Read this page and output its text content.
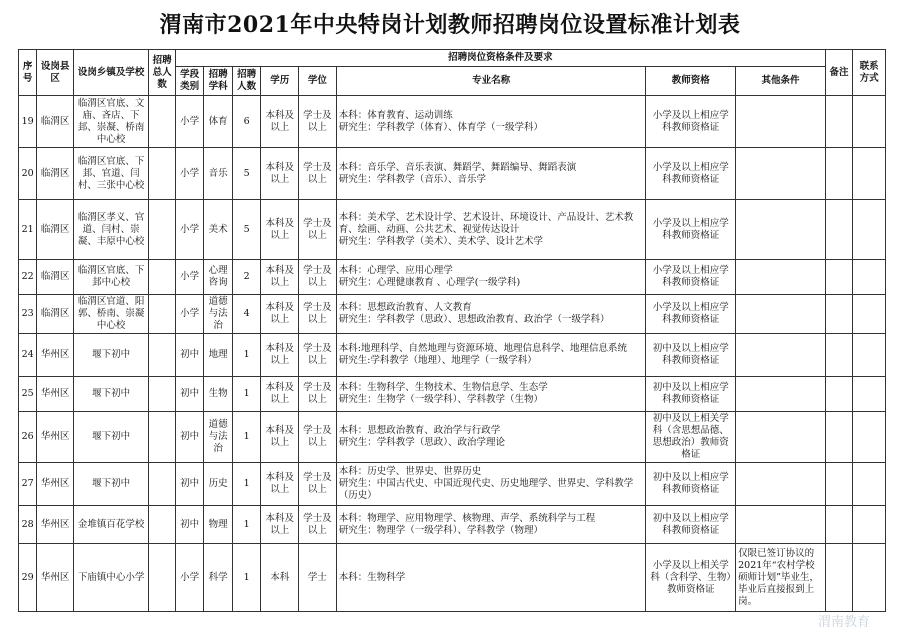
渭南市2021年中央特岗计划教师招聘岗位设置标准计划表
序号	设岗县区	设岗乡镇及学校	招聘总人数	招聘岗位资格条件及要求								备注	联系方式
				学段类别	招聘学科	招聘人数	学历	学位	专业名称	教师资格	其他条件		
19	临渭区	临渭区官底、文庙、吝店、下邽、崇凝、桥南中心校		小学	体育	6	本科及以上	学士及以上	本科：体育教育、运动训练
研究生：学科教学（体育）、体育学（一级学科）	小学及以上相应学科教师资格证			
20	临渭区	临渭区官底、下邽、官道、闫村、三张中心校		小学	音乐	5	本科及以上	学士及以上	本科：音乐学、音乐表演、舞蹈学、舞蹈编导、舞蹈表演
研究生：学科教学（音乐）、音乐学	小学及以上相应学科教师资格证			
21	临渭区	临渭区孝义、官道、闫村、崇凝、丰原中心校		小学	美术	5	本科及以上	学士及以上	本科：美术学、艺术设计学、艺术设计、环境设计、产品设计、艺术教育、绘画、动画、公共艺术、视觉传达设计
研究生：学科教学（美术）、美术学、设计艺术学	小学及以上相应学科教师资格证			
22	临渭区	临渭区官底、下邽中心校		小学	心理咨询	2	本科及以上	学士及以上	本科：心理学、应用心理学
研究生：心理健康教育 、心理学(一级学科)	小学及以上相应学科教师资格证			
23	临渭区	临渭区官道、阳郭、桥南、崇凝中心校		小学	道德与法治	4	本科及以上	学士及以上	本科：思想政治教育、人文教育
研究生：学科教学（思政）、思想政治教育、政治学（一级学科）	小学及以上相应学科教师资格证			
24	华州区	堰下初中		初中	地理	1	本科及以上	学士及以上	本科:地理科学、自然地理与资源环境、地理信息科学、地理信息系统
研究生:学科教学（地理）、地理学（一级学科）	初中及以上相应学科教师资格证			
25	华州区	堰下初中		初中	生物	1	本科及以上	学士及以上	本科：生物科学、生物技术、生物信息学、生态学
研究生：生物学（一级学科）、学科教学（生物）	初中及以上相应学科教师资格证			
26	华州区	堰下初中		初中	道德与法治	1	本科及以上	学士及以上	本科：思想政治教育、政治学与行政学
研究生：学科教学（思政）、政治学理论	初中及以上相关学科（含思想品德、思想政治）教师资格证			
27	华州区	堰下初中		初中	历史	1	本科及以上	学士及以上	本科：历史学、世界史、世界历史
研究生：中国古代史、中国近现代史、历史地理学、世界史、学科教学（历史）	初中及以上相应学科教师资格证			
28	华州区	金堆镇百花学校		初中	物理	1	本科及以上	学士及以上	本科：物理学、应用物理学、核物理、声学、系统科学与工程
研究生：物理学（一级学科）、学科教学（物理）	初中及以上相应学科教师资格证			
29	华州区	下庙镇中心小学		小学	科学	1	本科	学士	本科：生物科学	小学及以上相关学科（含科学、生物）教师资格证	仅限已签订协议的2021年“农村学校硕师计划”毕业生，毕业后直接报到上岗。		
渭南教育
